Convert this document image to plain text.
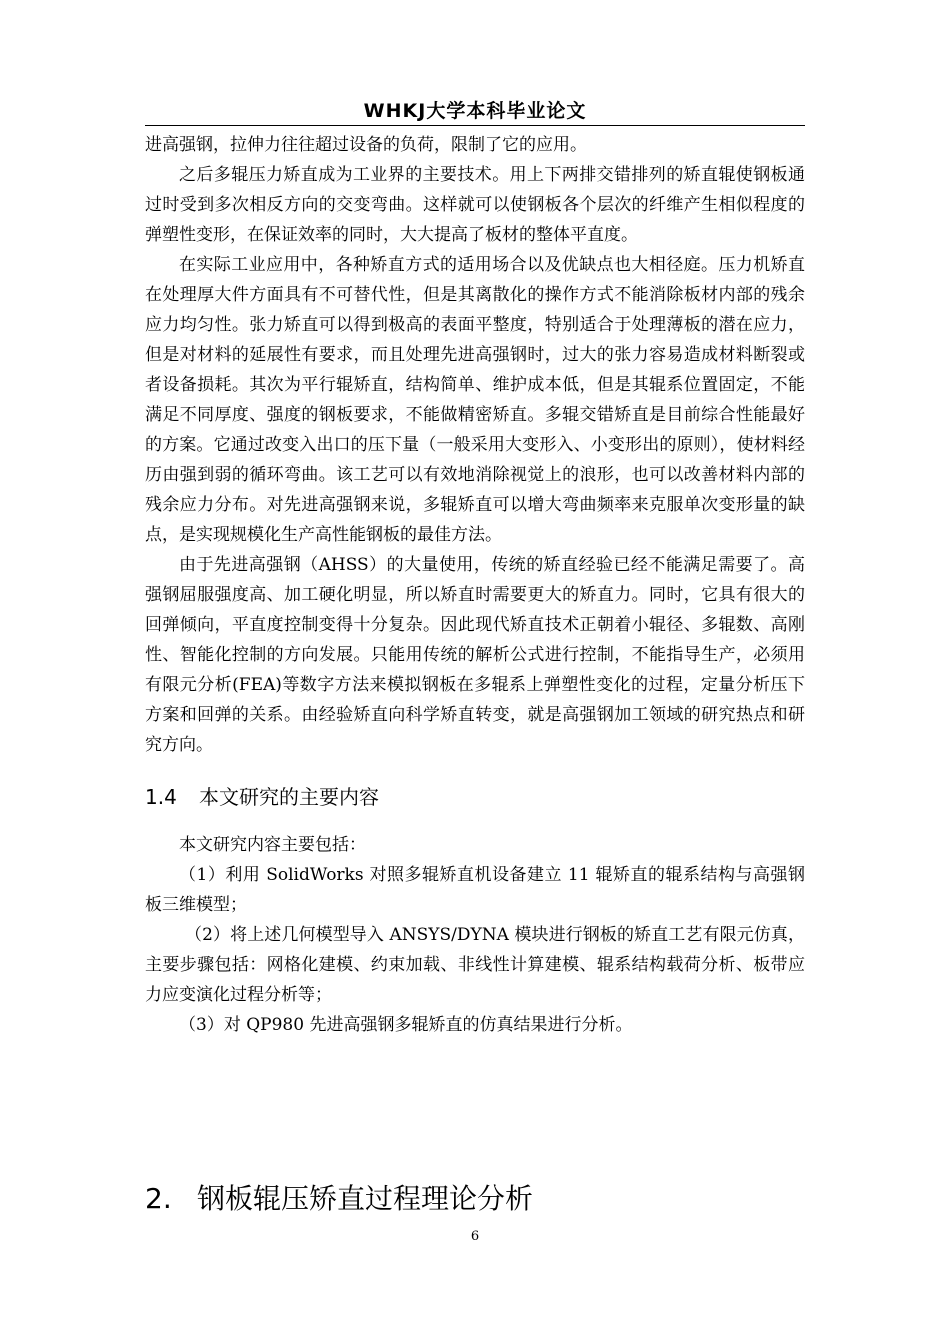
WHKJ大学本科毕业论文

进高强钢，拉伸力往往超过设备的负荷，限制了它的应用。

之后多辊压力矫直成为工业界的主要技术。用上下两排交错排列的矫直辊使钢板通过时受到多次相反方向的交变弯曲。这样就可以使钢板各个层次的纤维产生相似程度的弹塑性变形，在保证效率的同时，大大提高了板材的整体平直度。

在实际工业应用中，各种矫直方式的适用场合以及优缺点也大相径庭。压力机矫直在处理厚大件方面具有不可替代性，但是其离散化的操作方式不能消除板材内部的残余应力均匀性。张力矫直可以得到极高的表面平整度，特别适合于处理薄板的潜在应力，但是对材料的延展性有要求，而且处理先进高强钢时，过大的张力容易造成材料断裂或者设备损耗。其次为平行辊矫直，结构简单、维护成本低，但是其辊系位置固定，不能满足不同厚度、强度的钢板要求，不能做精密矫直。多辊交错矫直是目前综合性能最好的方案。它通过改变入出口的压下量（一般采用大变形入、小变形出的原则），使材料经历由强到弱的循环弯曲。该工艺可以有效地消除视觉上的浪形，也可以改善材料内部的残余应力分布。对先进高强钢来说，多辊矫直可以增大弯曲频率来克服单次变形量的缺点，是实现规模化生产高性能钢板的最佳方法。

由于先进高强钢（AHSS）的大量使用，传统的矫直经验已经不能满足需要了。高强钢屈服强度高、加工硬化明显，所以矫直时需要更大的矫直力。同时，它具有很大的回弹倾向，平直度控制变得十分复杂。因此现代矫直技术正朝着小辊径、多辊数、高刚性、智能化控制的方向发展。只能用传统的解析公式进行控制，不能指导生产，必须用有限元分析(FEA)等数字方法来模拟钢板在多辊系上弹塑性变化的过程，定量分析压下方案和回弹的关系。由经验矫直向科学矫直转变，就是高强钢加工领域的研究热点和研究方向。

1.4 本文研究的主要内容

本文研究内容主要包括：

（1）利用 SolidWorks 对照多辊矫直机设备建立 11 辊矫直的辊系结构与高强钢板三维模型；

（2）将上述几何模型导入 ANSYS/DYNA 模块进行钢板的矫直工艺有限元仿真，主要步骤包括：网格化建模、约束加载、非线性计算建模、辊系结构载荷分析、板带应力应变演化过程分析等；

（3）对 QP980 先进高强钢多辊矫直的仿真结果进行分析。

2. 钢板辊压矫直过程理论分析
6
